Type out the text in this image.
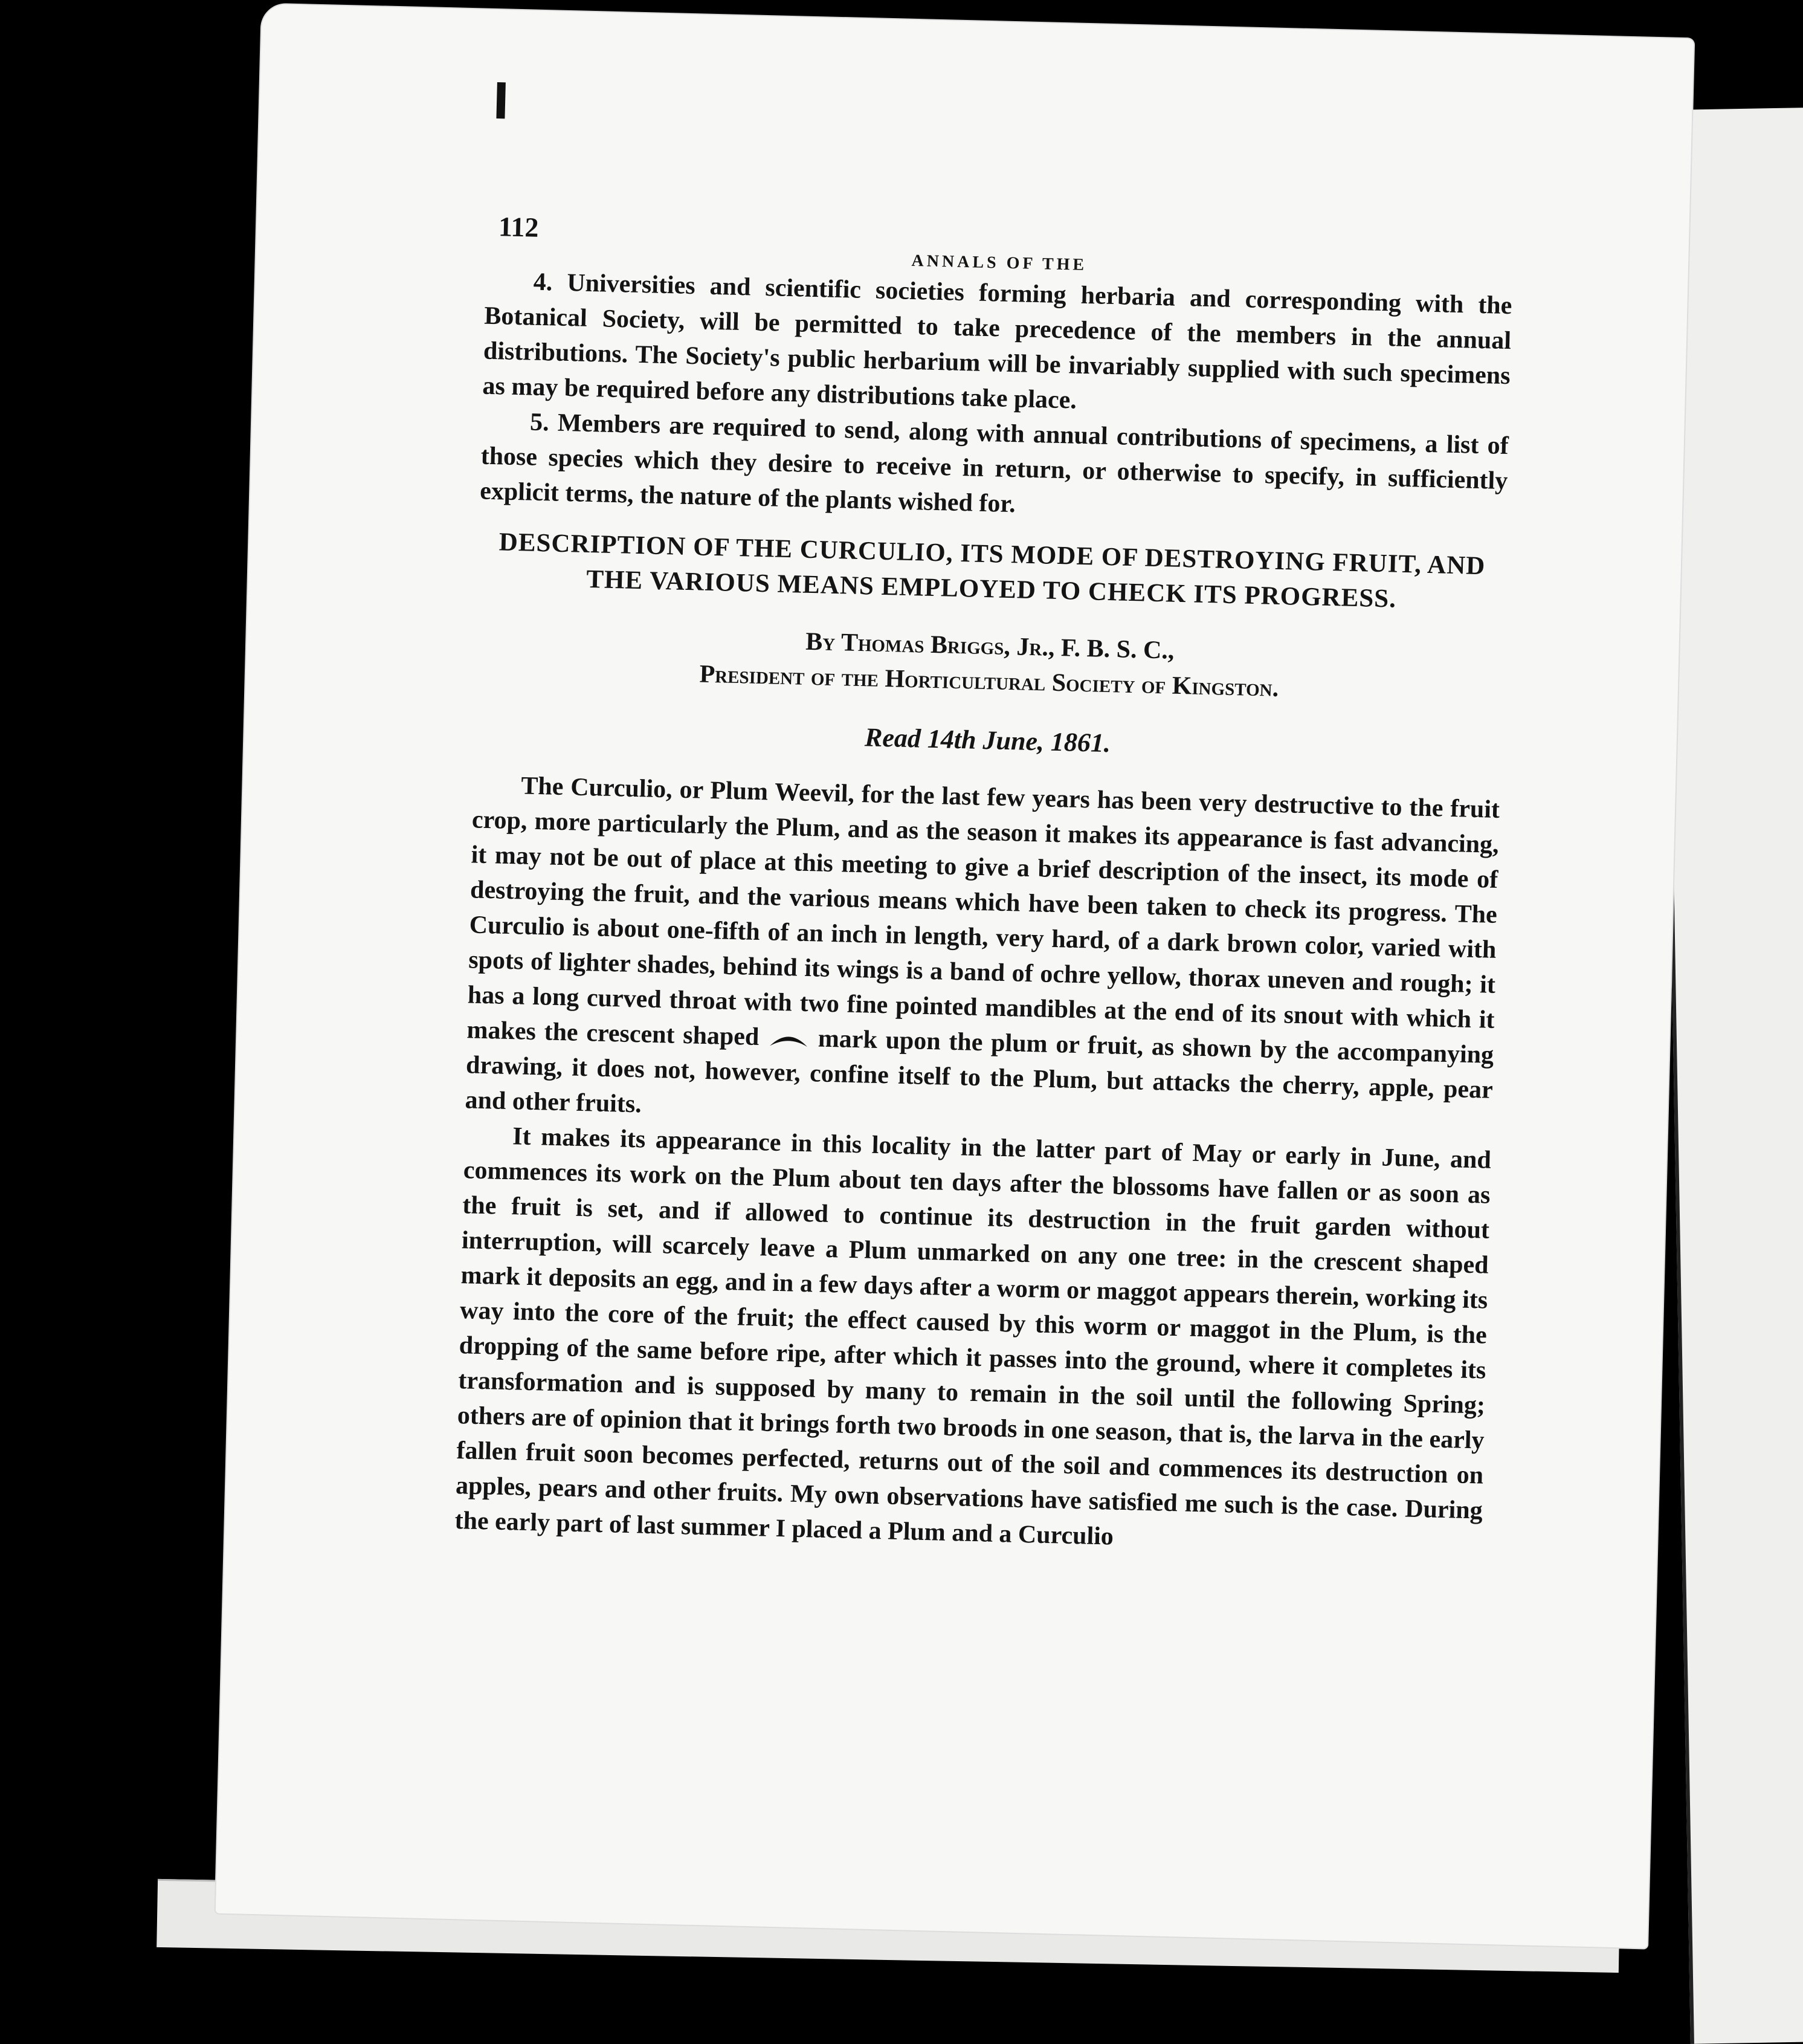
112
ANNALS OF THE

4. Universities and scientific societies forming herbaria and corresponding with the Botanical Society, will be permitted to take precedence of the members in the annual distributions. The Society's public herbarium will be invariably supplied with such specimens as may be required before any distributions take place.

5. Members are required to send, along with annual contributions of specimens, a list of those species which they desire to receive in return, or otherwise to specify, in sufficiently explicit terms, the nature of the plants wished for.

DESCRIPTION OF THE CURCULIO, ITS MODE OF DESTROYING FRUIT, AND THE VARIOUS MEANS EMPLOYED TO CHECK ITS PROGRESS.
By Thomas Briggs, Jr., F. B. S. C.,
President of the Horticultural Society of Kingston.
Read 14th June, 1861.

The Curculio, or Plum Weevil, for the last few years has been very destructive to the fruit crop, more particularly the Plum, and as the season it makes its appearance is fast advancing, it may not be out of place at this meeting to give a brief description of the insect, its mode of destroying the fruit, and the various means which have been taken to check its progress. The Curculio is about one-fifth of an inch in length, very hard, of a dark brown color, varied with spots of lighter shades, behind its wings is a band of ochre yellow, thorax uneven and rough; it has a long curved throat with two fine pointed mandibles at the end of its snout with which it makes the crescent shaped mark upon the plum or fruit, as shown by the accompanying drawing, it does not, however, confine itself to the Plum, but attacks the cherry, apple, pear and other fruits.

It makes its appearance in this locality in the latter part of May or early in June, and commences its work on the Plum about ten days after the blossoms have fallen or as soon as the fruit is set, and if allowed to continue its destruction in the fruit garden without interruption, will scarcely leave a Plum unmarked on any one tree: in the crescent shaped mark it deposits an egg, and in a few days after a worm or maggot appears therein, working its way into the core of the fruit; the effect caused by this worm or maggot in the Plum, is the dropping of the same before ripe, after which it passes into the ground, where it completes its transformation and is supposed by many to remain in the soil until the following Spring; others are of opinion that it brings forth two broods in one season, that is, the larva in the early fallen fruit soon becomes perfected, returns out of the soil and commences its destruction on apples, pears and other fruits. My own observations have satisfied me such is the case. During the early part of last summer I placed a Plum and a Curculio
